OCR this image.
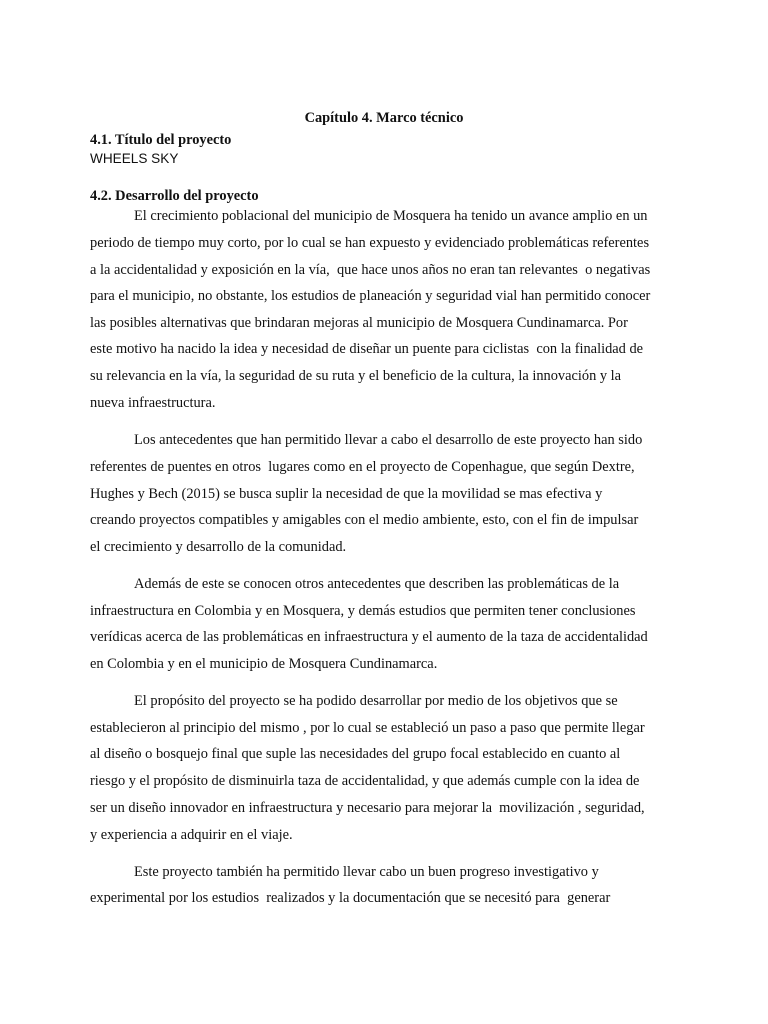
Capítulo 4. Marco técnico
4.1. Título del proyecto
WHEELS SKY
4.2. Desarrollo del proyecto
El crecimiento poblacional del municipio de Mosquera ha tenido un avance amplio en un
periodo de tiempo muy corto, por lo cual se han expuesto y evidenciado problemáticas referentes
a la accidentalidad y exposición en la vía,  que hace unos años no eran tan relevantes  o negativas
para el municipio, no obstante, los estudios de planeación y seguridad vial han permitido conocer
las posibles alternativas que brindaran mejoras al municipio de Mosquera Cundinamarca. Por
este motivo ha nacido la idea y necesidad de diseñar un puente para ciclistas  con la finalidad de
su relevancia en la vía, la seguridad de su ruta y el beneficio de la cultura, la innovación y la
nueva infraestructura.
Los antecedentes que han permitido llevar a cabo el desarrollo de este proyecto han sido
referentes de puentes en otros  lugares como en el proyecto de Copenhague, que según Dextre,
Hughes y Bech (2015) se busca suplir la necesidad de que la movilidad se mas efectiva y
creando proyectos compatibles y amigables con el medio ambiente, esto, con el fin de impulsar
el crecimiento y desarrollo de la comunidad.
Además de este se conocen otros antecedentes que describen las problemáticas de la
infraestructura en Colombia y en Mosquera, y demás estudios que permiten tener conclusiones
verídicas acerca de las problemáticas en infraestructura y el aumento de la taza de accidentalidad
en Colombia y en el municipio de Mosquera Cundinamarca.
El propósito del proyecto se ha podido desarrollar por medio de los objetivos que se
establecieron al principio del mismo , por lo cual se estableció un paso a paso que permite llegar
al diseño o bosquejo final que suple las necesidades del grupo focal establecido en cuanto al
riesgo y el propósito de disminuirla taza de accidentalidad, y que además cumple con la idea de
ser un diseño innovador en infraestructura y necesario para mejorar la  movilización , seguridad,
y experiencia a adquirir en el viaje.
Este proyecto también ha permitido llevar cabo un buen progreso investigativo y
experimental por los estudios  realizados y la documentación que se necesitó para  generar
